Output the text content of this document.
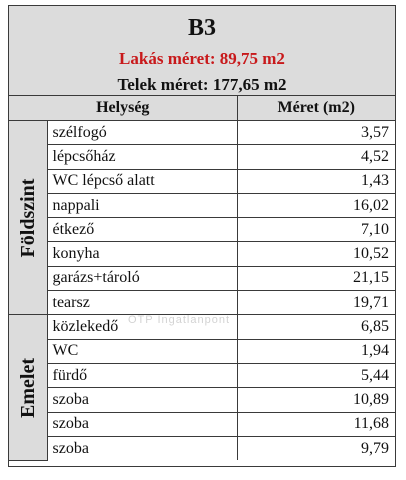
B3
Lakás méret: 89,75 m2
Telek méret: 177,65 m2
Helység		Méret (m2)

Földszint	szélfogó	3,57
	lépcsőház	4,52
	WC lépcső alatt	1,43
	nappali	16,02
	étkező	7,10
	konyha	10,52
	garázs+tároló	21,15
	tearsz	19,71

Emelet	közlekedő	6,85
	WC	1,94
	fürdő	5,44
	szoba	10,89
	szoba	11,68
	szoba	9,79
OTP Ingatlanpont
